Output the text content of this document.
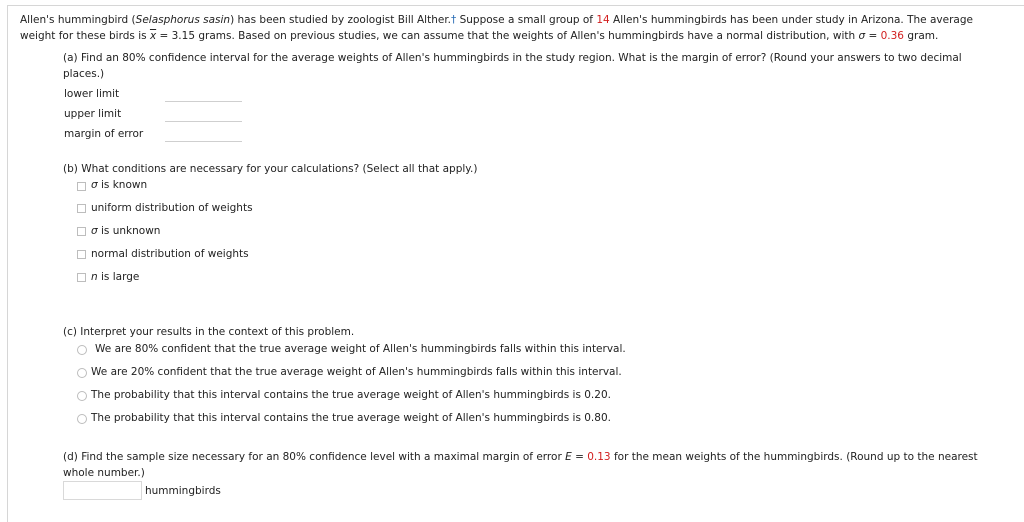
Allen's hummingbird (Selasphorus sasin) has been studied by zoologist Bill Alther.† Suppose a small group of 14 Allen's hummingbirds has been under study in Arizona. The average
weight for these birds is $\overline{x} = 3.15$ grams. Based on previous studies, we can assume that the weights of Allen's hummingbirds have a normal distribution, with σ = 0.36 gram.
(a) Find an 80% confidence interval for the average weights of Allen's hummingbirds in the study region. What is the margin of error? (Round your answers to two decimal
places.)
lower limit
upper limit
margin of error
(b) What conditions are necessary for your calculations? (Select all that apply.)
σ is known
uniform distribution of weights
σ is unknown
normal distribution of weights
n is large
(c) Interpret your results in the context of this problem.
We are 80% confident that the true average weight of Allen's hummingbirds falls within this interval.
We are 20% confident that the true average weight of Allen's hummingbirds falls within this interval.
The probability that this interval contains the true average weight of Allen's hummingbirds is 0.20.
The probability that this interval contains the true average weight of Allen's hummingbirds is 0.80.
(d) Find the sample size necessary for an 80% confidence level with a maximal margin of error E = 0.13 for the mean weights of the hummingbirds. (Round up to the nearest
whole number.)
hummingbirds
